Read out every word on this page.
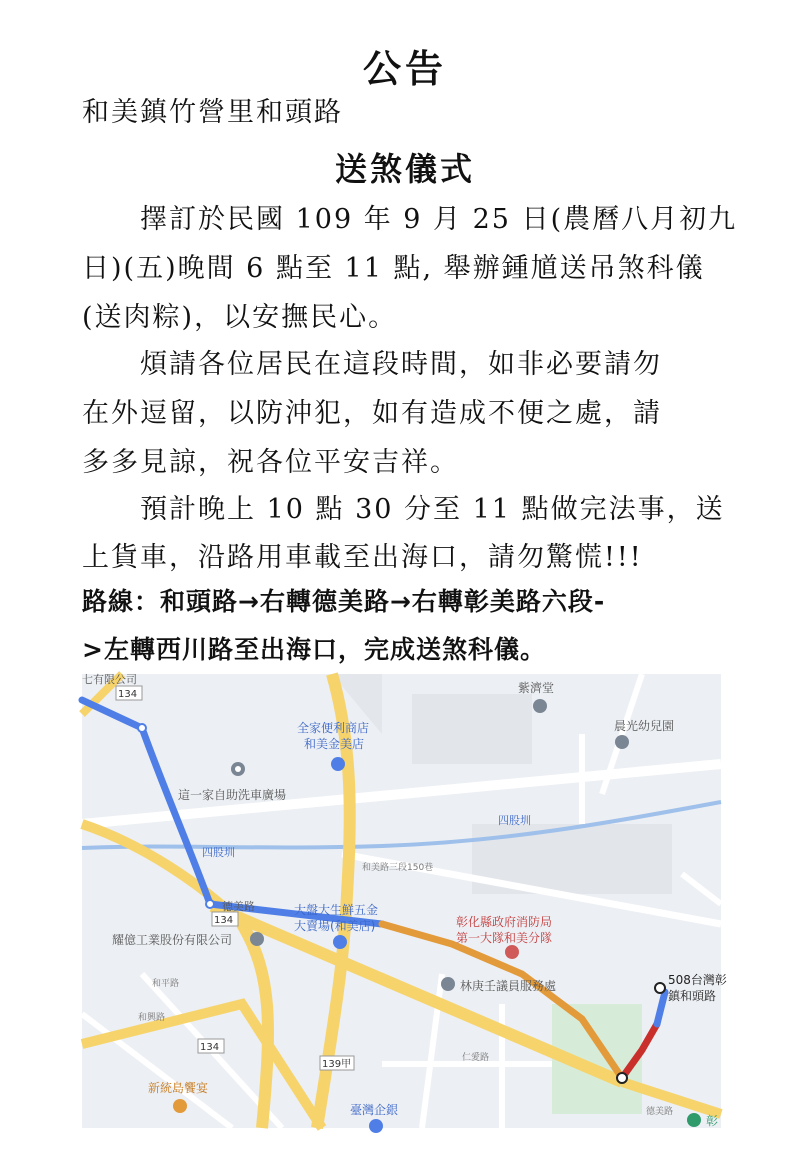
公告
和美鎮竹營里和頭路
送煞儀式
擇訂於民國 109 年 9 月 25 日(農曆八月初九
日)(五)晚間 6 點至 11 點, 舉辦鍾馗送吊煞科儀
(送肉粽)，以安撫民心。
煩請各位居民在這段時間，如非必要請勿
在外逗留，以防沖犯，如有造成不便之處，請
多多見諒，祝各位平安吉祥。
預計晚上 10 點 30 分至 11 點做完法事，送
上貨車，沿路用車載至出海口，請勿驚慌!!!
路線：和頭路→右轉德美路→右轉彰美路六段-
>左轉西川路至出海口，完成送煞科儀。
七有限公司
134
134
134
139甲
紫濟堂
晨光幼兒園
全家便利商店
和美金美店
這一家自助洗車廣場
四股圳
四股圳
和美路三段150巷
德美路	大盤大生鮮五金
大賣場(和美店)	彰化縣政府消防局
第一大隊和美分隊
耀億工業股份有限公司
林庚壬議員服務處	508台灣彰
鎮和頭路
新統島饗宴
臺灣企銀
彰
和平路
和興路
仁愛路
德美路
